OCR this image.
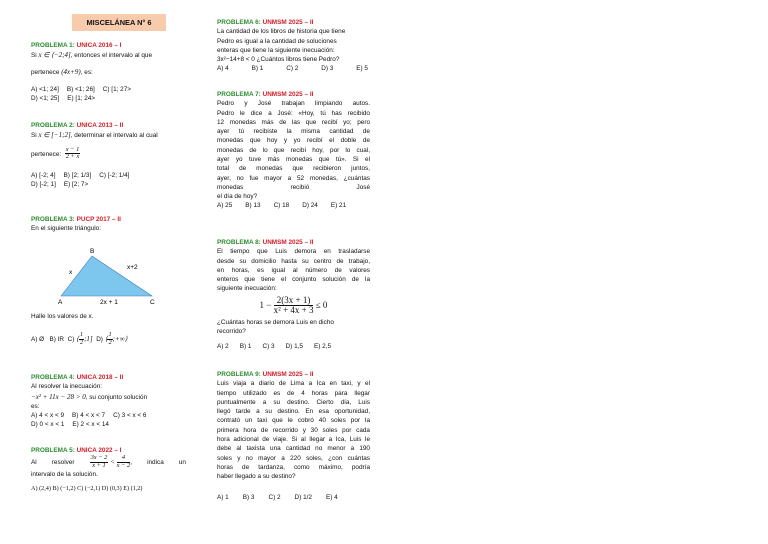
MISCELÁNEA N° 6
PROBLEMA 1: UNICA 2016 – I
Si x ∈ ⟨−2;4], entonces el intervalo al que
pertenece (4x+9), es:
A) <1; 24] B) <1; 26] C) [1; 27>
D) <1; 25] E) [1; 24>
PROBLEMA 2: UNICA 2013 – II
Si x ∈ [−1;2], determinar el intervalo al cual
pertenece: $\frac{x - 1}{2 + x}$
A) [-2; 4] B) [2; 1/3] C) [-2; 1/4]
D) [-2; 1] E) [2; 7>
PROBLEMA 3: PUCP 2017 – II
En el siguiente triángulo:
B
A	C
x
x+2
2x + 1
Halle los valores de x.
A) Ø B) IR C) ⟨ $\frac{1}{2}$ ;1] D) ⟨ $\frac{1}{2}$ ;+∞⟩
PROBLEMA 4: UNICA 2018 – II
Al resolver la inecuación:
−x² + 11x − 28 > 0, su conjunto solución
es:
A) 4 < x < 9 B) 4 < x < 7 C) 3 < x < 6
D) 0 < x < 1 E) 2 < x < 14
PROBLEMA 5: UNICA 2022 – I
Al resolver $\frac{3x - 2}{x + 1} < \frac{4}{x - 2}$ , indica un
intervalo de la solución.
A) (2,4) B) (−1,2) C) (−2,1) D) (0,3) E) (1,2)
PROBLEMA 6: UNMSM 2025 – II
La cantidad de los libros de historia que tiene
Pedro es igual a la cantidad de soluciones
enteras que tiene la siguiente inecuación:
3x²−14+8 < 0 ¿Cuántos libros tiene Pedro?
A) 4	B) 1	C) 2	D) 3	E) 5
PROBLEMA 7: UNMSM 2025 – II
Pedro y José trabajan limpiando autos.
Pedro le dice a José: «Hoy, tú has recibido
12 monedas más de las que recibí yo; pero
ayer tú recibiste la misma cantidad de
monedas que hoy y yo recibí el doble de
monedas de lo que recibí hoy, por lo cual,
ayer yo tuve más monedas que tú». Si el
total de monedas que recibieron juntos,
ayer, no fue mayor a 52 monedas, ¿cuántas
monedas recibió José
el día de hoy?
A) 25 B) 13 C) 18 D) 24 E) 21
PROBLEMA 8: UNMSM 2025 – II
El tiempo que Luis demora en trasladarse
desde su domicilio hasta su centro de trabajo,
en horas, es igual al número de valores
enteros que tiene el conjunto solución de la
siguiente inecuación:
$1 - \frac{2(3x + 1)}{\text{x² + 4x + 3}} \le 0$
¿Cuántas horas se demora Luis en dicho
recorrido?
A) 2 B) 1 C) 3 D) 1,5 E) 2,5
PROBLEMA 9: UNMSM 2025 – II
Luis viaja a diario de Lima a Ica en taxi, y el
tiempo utilizado es de 4 horas para llegar
puntualmente a su destino. Cierto día, Luis
llegó tarde a su destino. En esa oportunidad,
contrató un taxi que le cobró 40 soles por la
primera hora de recorrido y 30 soles por cada
hora adicional de viaje. Si al llegar a Ica, Luis le
debe al taxista una cantidad no menor a 190
soles y no mayor a 220 soles, ¿con cuántas
horas de tardanza, como máximo, podría
haber llegado a su destino?
A) 1 B) 3 C) 2 D) 1/2 E) 4
